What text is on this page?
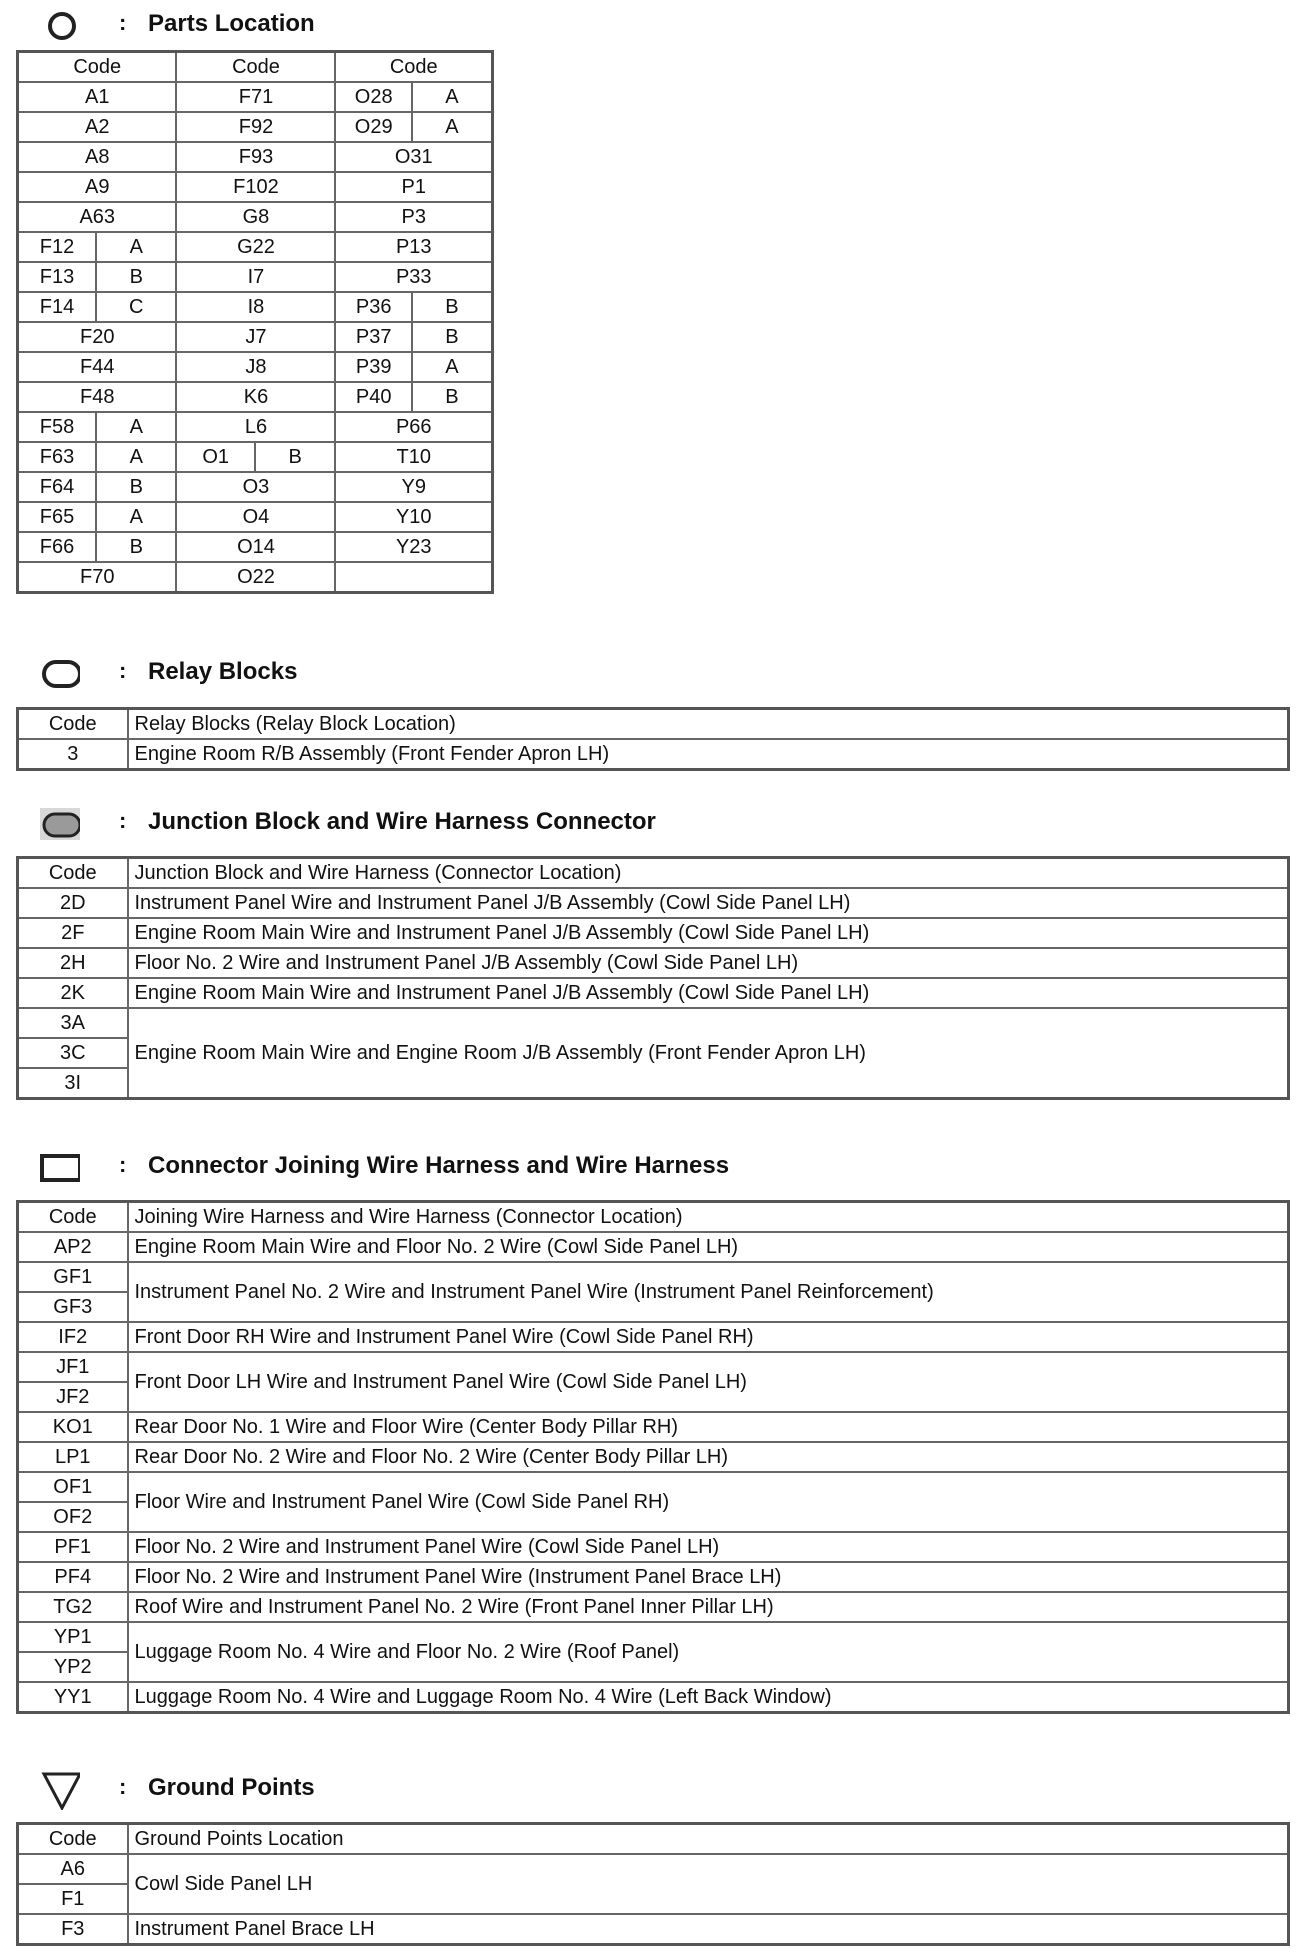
: Parts Location
Code		Code		Code	
A1		F71		O28	A
A2		F92		O29	A
A8		F93		O31	
A9		F102		P1	
A63		G8		P3	
F12	A	G22		P13	
F13	B	I7		P33	
F14	C	I8		P36	B
F20		J7		P37	B
F44		J8		P39	A
F48		K6		P40	B
F58	A	L6		P66	
F63	A	O1	B	T10	
F64	B	O3		Y9	
F65	A	O4		Y10	
F66	B	O14		Y23	
F70		O22			
: Relay Blocks
Code	Relay Blocks (Relay Block Location)
3	Engine Room R/B Assembly (Front Fender Apron LH)
: Junction Block and Wire Harness Connector
Code	Junction Block and Wire Harness (Connector Location)
2D	Instrument Panel Wire and Instrument Panel J/B Assembly (Cowl Side Panel LH)
2F	Engine Room Main Wire and Instrument Panel J/B Assembly (Cowl Side Panel LH)
2H	Floor No. 2 Wire and Instrument Panel J/B Assembly (Cowl Side Panel LH)
2K	Engine Room Main Wire and Instrument Panel J/B Assembly (Cowl Side Panel LH)
3A	Engine Room Main Wire and Engine Room J/B Assembly (Front Fender Apron LH)
3C	
3I	
: Connector Joining Wire Harness and Wire Harness
Code	Joining Wire Harness and Wire Harness (Connector Location)
AP2	Engine Room Main Wire and Floor No. 2 Wire (Cowl Side Panel LH)
GF1	Instrument Panel No. 2 Wire and Instrument Panel Wire (Instrument Panel Reinforcement)
GF3	
IF2	Front Door RH Wire and Instrument Panel Wire (Cowl Side Panel RH)
JF1	Front Door LH Wire and Instrument Panel Wire (Cowl Side Panel LH)
JF2	
KO1	Rear Door No. 1 Wire and Floor Wire (Center Body Pillar RH)
LP1	Rear Door No. 2 Wire and Floor No. 2 Wire (Center Body Pillar LH)
OF1	Floor Wire and Instrument Panel Wire (Cowl Side Panel RH)
OF2	
PF1	Floor No. 2 Wire and Instrument Panel Wire (Cowl Side Panel LH)
PF4	Floor No. 2 Wire and Instrument Panel Wire (Instrument Panel Brace LH)
TG2	Roof Wire and Instrument Panel No. 2 Wire (Front Panel Inner Pillar LH)
YP1	Luggage Room No. 4 Wire and Floor No. 2 Wire (Roof Panel)
YP2	
YY1	Luggage Room No. 4 Wire and Luggage Room No. 4 Wire (Left Back Window)
: Ground Points
Code	Ground Points Location
A6	Cowl Side Panel LH
F1	
F3	Instrument Panel Brace LH
